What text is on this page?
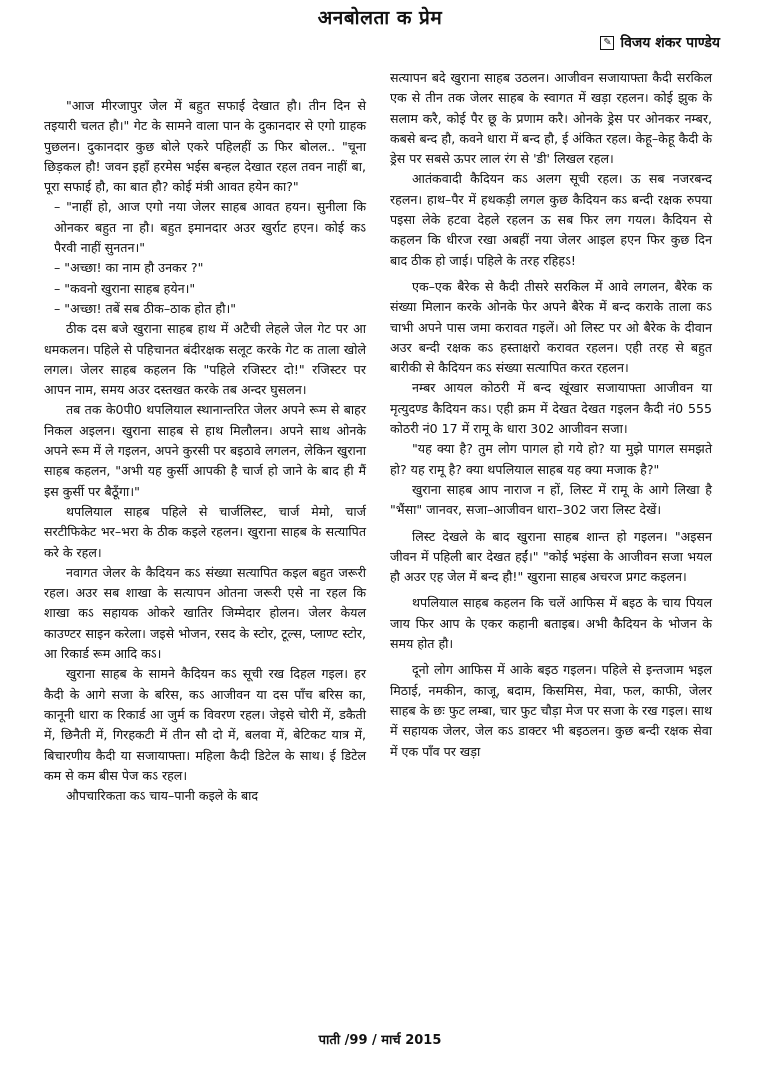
अनबोलता क प्रेम
✎ विजय शंकर पाण्डेय

"आज मीरजापुर जेल में बहुत सफाई देखात हौ। तीन दिन से तइयारी चलत हौ।" गेट के सामने वाला पान के दुकानदार से एगो ग्राहक पुछलन। दुकानदार कुछ बोले एकरे पहिलहीं ऊ फिर बोलल.. "चूना छिड़कल हौ! जवन इहाँ हरमेस भईस बन्हल देखात रहल तवन नाहीं बा, पूरा सफाई हौ, का बात हौ? कोई मंत्री आवत हयेन का?"

– "नाहीं हो, आज एगो नया जेलर साहब आवत हयन। सुनीला कि ओनकर बहुत ना हौ। बहुत इमानदार अउर खुर्राट हएन। कोई कऽ पैरवी नाहीं सुनतन।"

– "अच्छा! का नाम हौ उनकर ?"

– "कवनो खुराना साहब हयेन।"

– "अच्छा! तबें सब ठीक–ठाक होत हौ।"

ठीक दस बजे खुराना साहब हाथ में अटैची लेहले जेल गेट पर आ धमकलन। पहिले से पहिचानत बंदीरक्षक सलूट करके गेट क ताला खोले लगल। जेलर साहब कहलन कि "पहिले रजिस्टर दो!" रजिस्टर पर आपन नाम, समय अउर दस्तखत करके तब अन्दर घुसलन।

तब तक के0पी0 थपलियाल स्थानान्तरित जेलर अपने रूम से बाहर निकल अइलन। खुराना साहब से हाथ मिलौलन। अपने साथ ओनके अपने रूम में ले गइलन, अपने कुरसी पर बइठावे लगलन, लेकिन खुराना साहब कहलन, "अभी यह कुर्सी आपकी है चार्ज हो जाने के बाद ही मैं इस कुर्सी पर बैठूँगा।"

थपलियाल साहब पहिले से चार्जलिस्ट, चार्ज मेमो, चार्ज सरटीफिकेट भर–भरा के ठीक कइले रहलन। खुराना साहब के सत्यापित करे के रहल।

नवागत जेलर के कैदियन कऽ संख्या सत्यापित कइल बहुत जरूरी रहल। अउर सब शाखा के सत्यापन ओतना जरूरी एसे ना रहल कि शाखा कऽ सहायक ओकरे खातिर जिम्मेदार होलन। जेलर केयल काउण्टर साइन करेला। जइसे भोजन, रसद के स्टोर, टूल्स, प्लाण्ट स्टोर, आ रिकार्ड रूम आदि कऽ।

खुराना साहब के सामने कैदियन कऽ सूची रख दिहल गइल। हर कैदी के आगे सजा के बरिस, कऽ आजीवन या दस पाँच बरिस का, कानूनी धारा क रिकार्ड आ जुर्म क विवरण रहल। जेइसे चोरी में, डकैती में, छिनैती में, गिरहकटी में तीन सौ दो में, बलवा में, बेटिकट यात्र में, बिचारणीय कैदी या सजायाफ्ता। महिला कैदी डिटेल के साथ। ई डिटेल कम से कम बीस पेज कऽ रहल।

औपचारिकता कऽ चाय–पानी कइले के बाद

सत्यापन बदे खुराना साहब उठलन। आजीवन सजायाफ्ता कैदी सरकिल एक से तीन तक जेलर साहब के स्वागत में खड़ा रहलन। कोई झुक के सलाम करै, कोई पैर छू के प्रणाम करै। ओनके ड्रेस पर ओनकर नम्बर, कबसे बन्द हौ, कवने धारा में बन्द हौ, ई अंकित रहल। केहू–केहू कैदी के ड्रेस पर सबसे ऊपर लाल रंग से 'डी' लिखल रहल।

आतंकवादी कैदियन कऽ अलग सूची रहल। ऊ सब नजरबन्द रहलन। हाथ–पैर में हथकड़ी लगल कुछ कैदियन कऽ बन्दी रक्षक रुपया पइसा लेके हटवा देहले रहलन ऊ सब फिर लग गयल। कैदियन से कहलन कि धीरज रखा अबहीं नया जेलर आइल हएन फिर कुछ दिन बाद ठीक हो जाई। पहिले के तरह रहिहऽ!

एक–एक बैरेक से कैदी तीसरे सरकिल में आवे लगलन, बैरेक क संख्या मिलान करके ओनके फेर अपने बैरेक में बन्द कराके ताला कऽ चाभी अपने पास जमा करावत गइलें। ओ लिस्ट पर ओ बैरेक के दीवान अउर बन्दी रक्षक कऽ हस्ताक्षरो करावत रहलन। एही तरह से बहुत बारीकी से कैदियन कऽ संख्या सत्यापित करत रहलन।

नम्बर आयल कोठरी में बन्द खूंखार सजायाफ्ता आजीवन या मृत्युदण्ड कैदियन कऽ। एही क्रम में देखत देखत गइलन कैदी नं0 555 कोठरी नं0 17 में रामू के धारा 302 आजीवन सजा।

"यह क्या है? तुम लोग पागल हो गये हो? या मुझे पागल समझते हो? यह रामू है? क्या थपलियाल साहब यह क्या मजाक है?"

खुराना साहब आप नाराज न हों, लिस्ट में रामू के आगे लिखा है "भैंसा" जानवर, सजा–आजीवन धारा–302 जरा लिस्ट देखें।

लिस्ट देखले के बाद खुराना साहब शान्त हो गइलन। "अइसन जीवन में पहिली बार देखत हईं।" "कोई भइंसा के आजीवन सजा भयल हौ अउर एह जेल में बन्द हौ!" खुराना साहब अचरज प्रगट कइलन।

थपलियाल साहब कहलन कि चलें आफिस में बइठ के चाय पियल जाय फिर आप के एकर कहानी बताइब। अभी कैदियन के भोजन के समय होत हौ।

दूनो लोग आफिस में आके बइठ गइलन। पहिले से इन्तजाम भइल मिठाई, नमकीन, काजू, बदाम, किसमिस, मेवा, फल, काफी, जेलर साहब के छः फुट लम्बा, चार फुट चौड़ा मेज पर सजा के रख गइल। साथ में सहायक जेलर, जेल कऽ डाक्टर भी बइठलन। कुछ बन्दी रक्षक सेवा में एक पाँव पर खड़ा

पाती /99 / मार्च 2015
